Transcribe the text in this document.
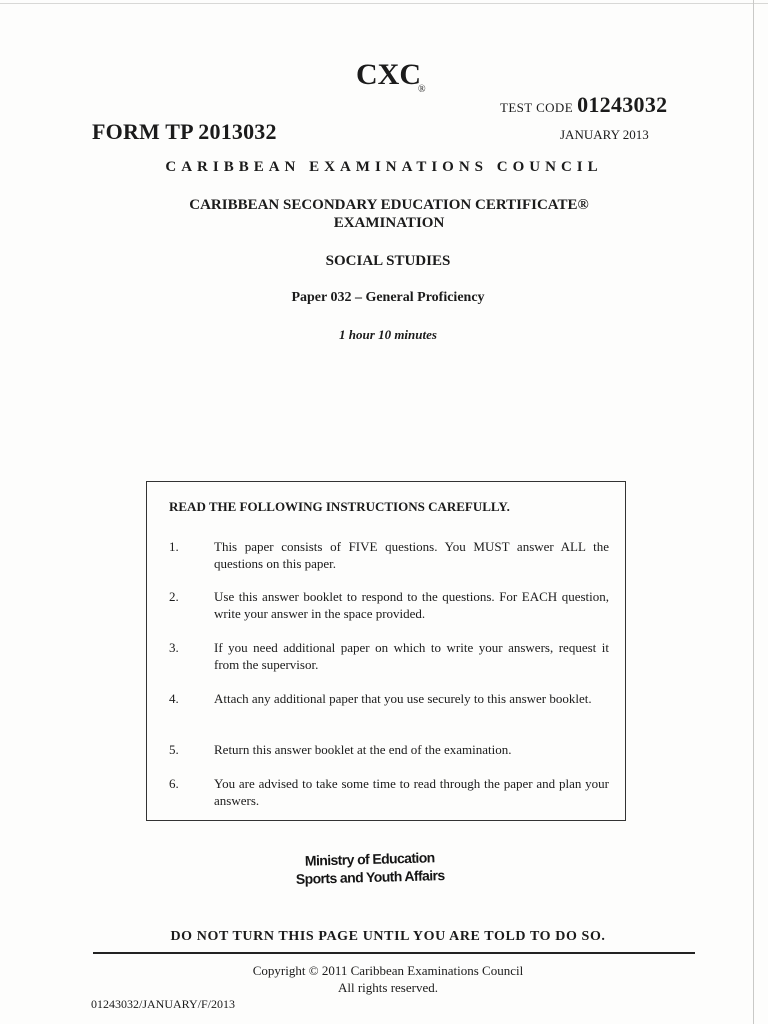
CXC
®
TEST CODE 01243032
FORM TP 2013032	JANUARY 2013
CARIBBEAN EXAMINATIONS COUNCIL
CARIBBEAN SECONDARY EDUCATION CERTIFICATE®
EXAMINATION
SOCIAL STUDIES
Paper 032 – General Proficiency
1 hour 10 minutes
READ THE FOLLOWING INSTRUCTIONS CAREFULLY.
1.	This paper consists of FIVE questions. You MUST answer ALL the questions on this paper.
2.	Use this answer booklet to respond to the questions. For EACH question, write your answer in the space provided.
3.	If you need additional paper on which to write your answers, request it from the supervisor.
4.	Attach any additional paper that you use securely to this answer booklet.
5.	Return this answer booklet at the end of the examination.
6.	You are advised to take some time to read through the paper and plan your answers.
Ministry of Education
Sports and Youth Affairs
DO NOT TURN THIS PAGE UNTIL YOU ARE TOLD TO DO SO.
Copyright © 2011 Caribbean Examinations Council
All rights reserved.
01243032/JANUARY/F/2013
